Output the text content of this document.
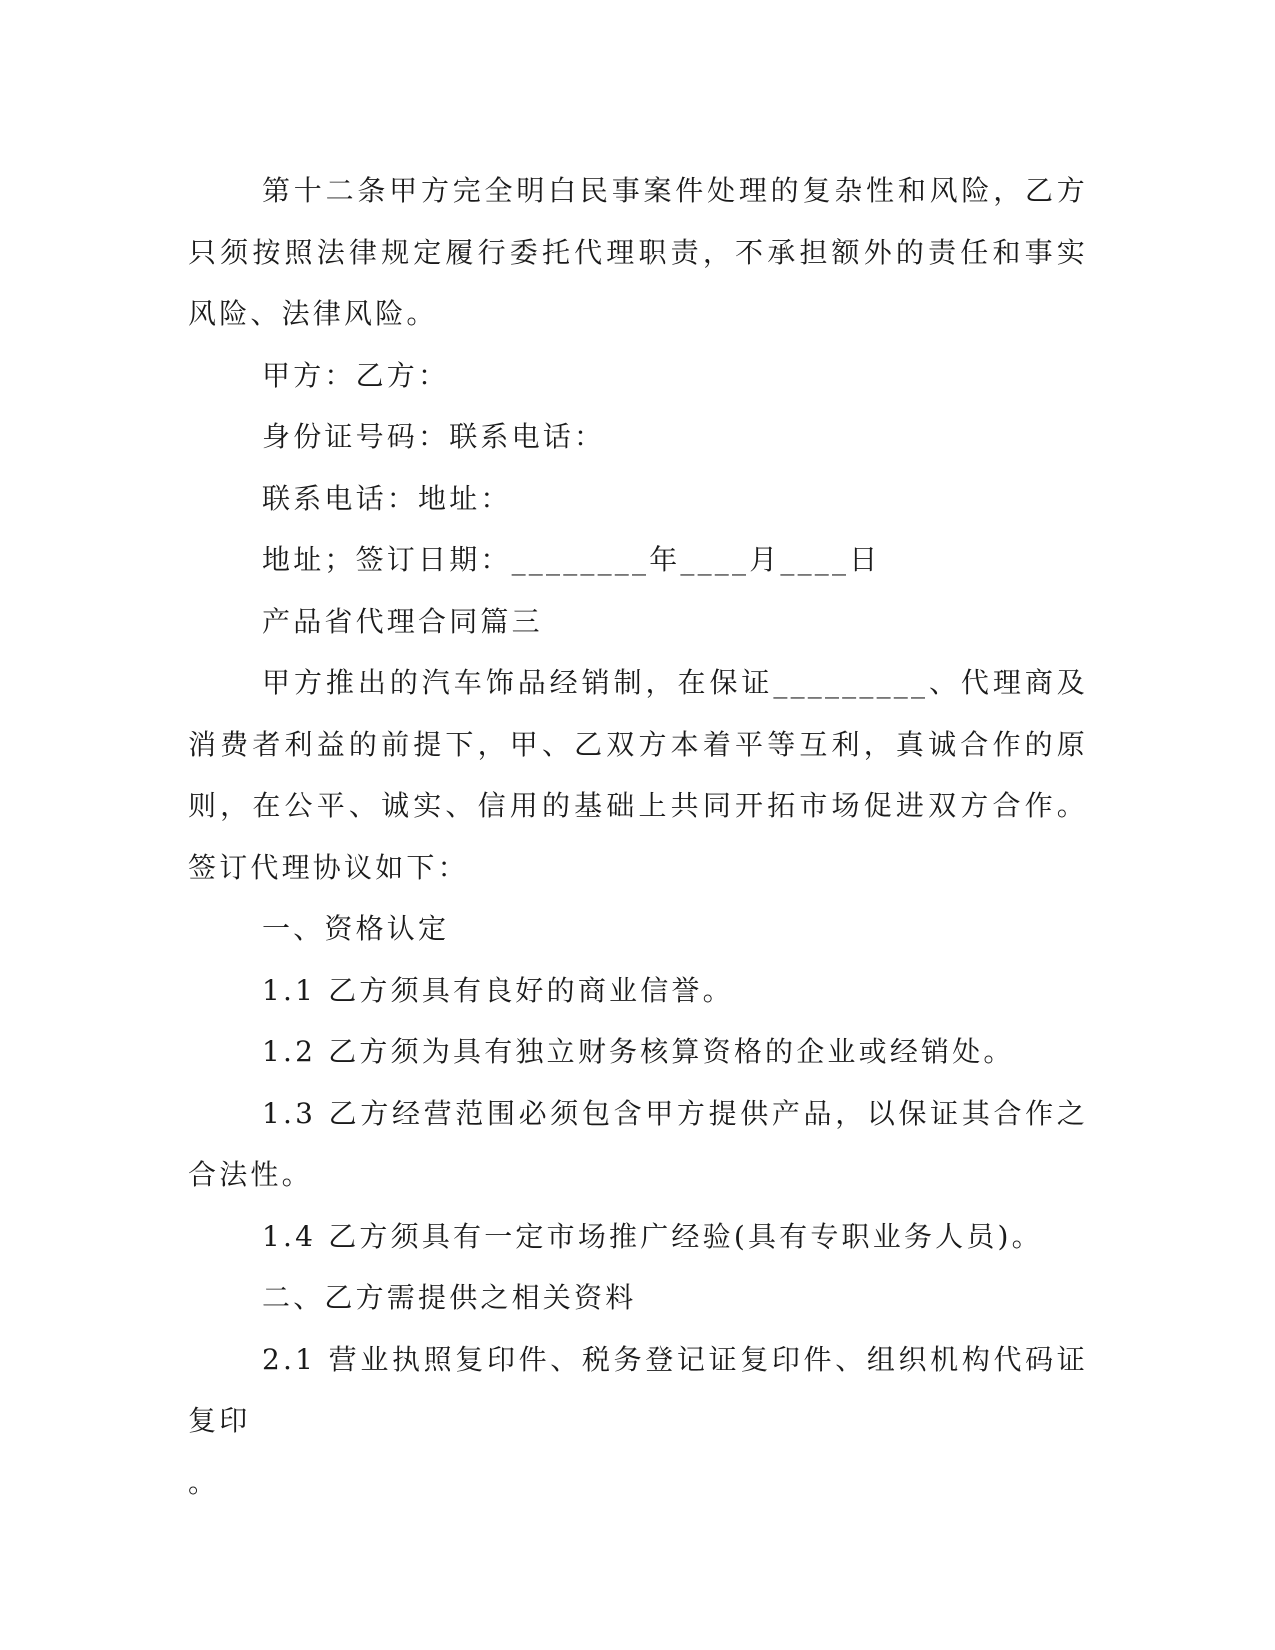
第十二条甲方完全明白民事案件处理的复杂性和风险，乙方只须按照法律规定履行委托代理职责，不承担额外的责任和事实风险、法律风险。

甲方：乙方：

身份证号码：联系电话：

联系电话：地址：

地址；签订日期：________年____月____日

产品省代理合同篇三

甲方推出的汽车饰品经销制，在保证_________、代理商及消费者利益的前提下，甲、乙双方本着平等互利，真诚合作的原则，在公平、诚实、信用的基础上共同开拓市场促进双方合作。签订代理协议如下：

一、资格认定

1.1 乙方须具有良好的商业信誉。

1.2 乙方须为具有独立财务核算资格的企业或经销处。

1.3 乙方经营范围必须包含甲方提供产品，以保证其合作之合法性。

1.4 乙方须具有一定市场推广经验(具有专职业务人员)。

二、乙方需提供之相关资料

2.1 营业执照复印件、税务登记证复印件、组织机构代码证复印

。
